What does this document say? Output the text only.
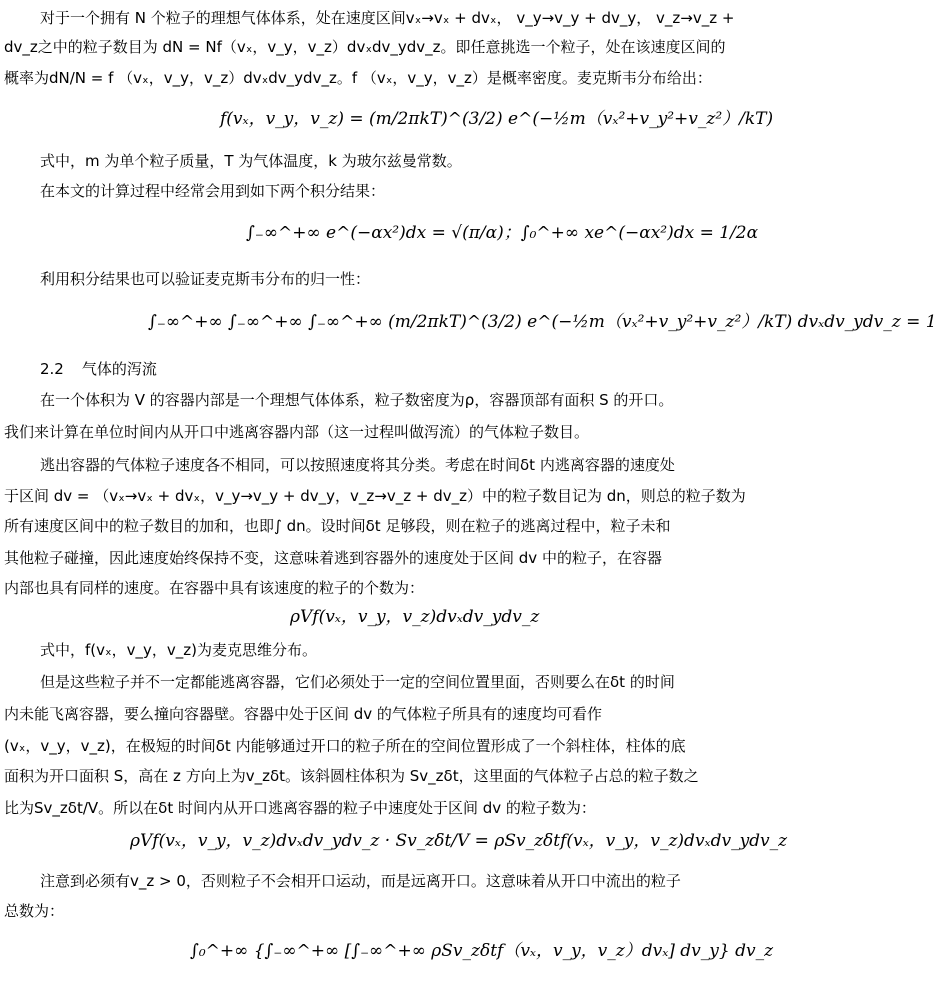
对于一个拥有 N 个粒子的理想气体体系，处在速度区间vₓ→vₓ + dvₓ， v_y→v_y + dv_y， v_z→v_z +
dv_z之中的粒子数目为 dN = Nf（vₓ，v_y，v_z）dvₓdv_ydv_z。即任意挑选一个粒子，处在该速度区间的
概率为dN/N = f （vₓ，v_y，v_z）dvₓdv_ydv_z。f （vₓ，v_y，v_z）是概率密度。麦克斯韦分布给出：
f(vₓ，v_y，v_z) = (m/2πkT)^(3/2) e^(−½m（vₓ²+v_y²+v_z²）/kT)
式中，m 为单个粒子质量，T 为气体温度，k 为玻尔兹曼常数。
在本文的计算过程中经常会用到如下两个积分结果：
∫₋∞^+∞ e^(−αx²)dx = √(π/α)；∫₀^+∞ xe^(−αx²)dx = 1/2α
利用积分结果也可以验证麦克斯韦分布的归一性：
∫₋∞^+∞ ∫₋∞^+∞ ∫₋∞^+∞ (m/2πkT)^(3/2) e^(−½m（vₓ²+v_y²+v_z²）/kT) dvₓdv_ydv_z = 1
2.2 气体的泻流
在一个体积为 V 的容器内部是一个理想气体体系，粒子数密度为ρ，容器顶部有面积 S 的开口。
我们来计算在单位时间内从开口中逃离容器内部（这一过程叫做泻流）的气体粒子数目。
逃出容器的气体粒子速度各不相同，可以按照速度将其分类。考虑在时间δt 内逃离容器的速度处
于区间 dv = （vₓ→vₓ + dvₓ，v_y→v_y + dv_y，v_z→v_z + dv_z）中的粒子数目记为 dn，则总的粒子数为
所有速度区间中的粒子数目的加和，也即∫ dn。设时间δt 足够段，则在粒子的逃离过程中，粒子未和
其他粒子碰撞，因此速度始终保持不变，这意味着逃到容器外的速度处于区间 dv 中的粒子，在容器
内部也具有同样的速度。在容器中具有该速度的粒子的个数为：
ρVf(vₓ，v_y，v_z)dvₓdv_ydv_z
式中，f(vₓ，v_y，v_z)为麦克思维分布。
但是这些粒子并不一定都能逃离容器，它们必须处于一定的空间位置里面，否则要么在δt 的时间
内未能飞离容器，要么撞向容器壁。容器中处于区间 dv 的气体粒子所具有的速度均可看作
(vₓ，v_y，v_z)，在极短的时间δt 内能够通过开口的粒子所在的空间位置形成了一个斜柱体，柱体的底
面积为开口面积 S，高在 z 方向上为v_zδt。该斜圆柱体积为 Sv_zδt，这里面的气体粒子占总的粒子数之
比为Sv_zδt/V。所以在δt 时间内从开口逃离容器的粒子中速度处于区间 dv 的粒子数为：
ρVf(vₓ，v_y，v_z)dvₓdv_ydv_z · Sv_zδt/V = ρSv_zδtf(vₓ，v_y，v_z)dvₓdv_ydv_z
注意到必须有v_z > 0，否则粒子不会相开口运动，而是远离开口。这意味着从开口中流出的粒子
总数为：
∫₀^+∞ {∫₋∞^+∞ [∫₋∞^+∞ ρSv_zδtf（vₓ，v_y，v_z）dvₓ] dv_y} dv_z
